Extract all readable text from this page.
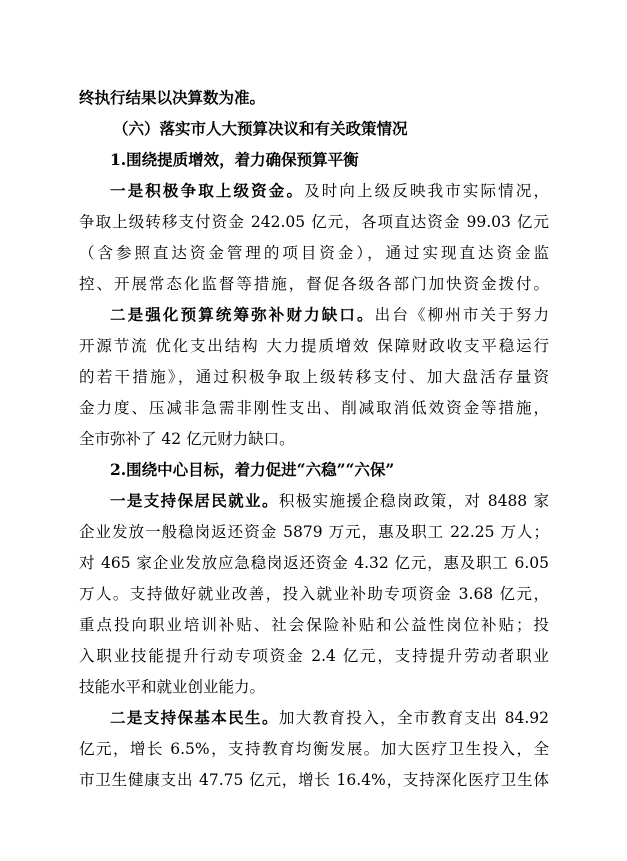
终执行结果以决算数为准。
（六）落实市人大预算决议和有关政策情况
1.围绕提质增效，着力确保预算平衡
一是积极争取上级资金。及时向上级反映我市实际情况，
争取上级转移支付资金 242.05 亿元，各项直达资金 99.03 亿元
（含参照直达资金管理的项目资金），通过实现直达资金监
控、开展常态化监督等措施，督促各级各部门加快资金拨付。
二是强化预算统筹弥补财力缺口。出台《柳州市关于努力
开源节流 优化支出结构 大力提质增效 保障财政收支平稳运行
的若干措施》，通过积极争取上级转移支付、加大盘活存量资
金力度、压减非急需非刚性支出、削减取消低效资金等措施，
全市弥补了 42 亿元财力缺口。
2.围绕中心目标，着力促进“六稳”“六保”
一是支持保居民就业。积极实施援企稳岗政策，对 8488 家
企业发放一般稳岗返还资金 5879 万元，惠及职工 22.25 万人；
对 465 家企业发放应急稳岗返还资金 4.32 亿元，惠及职工 6.05
万人。支持做好就业改善，投入就业补助专项资金 3.68 亿元，
重点投向职业培训补贴、社会保险补贴和公益性岗位补贴；投
入职业技能提升行动专项资金 2.4 亿元，支持提升劳动者职业
技能水平和就业创业能力。
二是支持保基本民生。加大教育投入，全市教育支出 84.92
亿元，增长 6.5%，支持教育均衡发展。加大医疗卫生投入，全
市卫生健康支出 47.75 亿元，增长 16.4%，支持深化医疗卫生体
